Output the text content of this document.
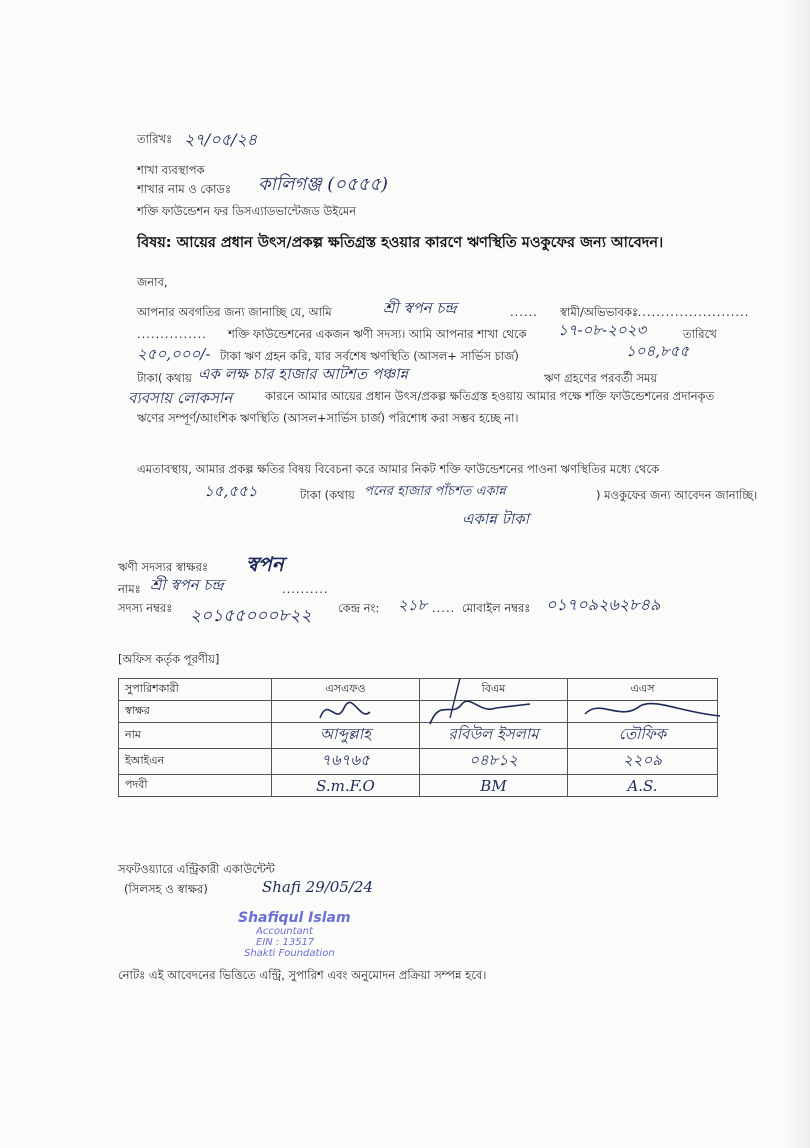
তারিখঃ ২৭/০৫/২৪
শাখা ব্যবস্থাপক
শাখার নাম ও কোডঃ কালিগঞ্জ (০৫৫৫)
শক্তি ফাউন্ডেশন ফর ডিসএ্যাডভান্টেজড উইমেন
বিষয়: আয়ের প্রধান উৎস/প্রকল্প ক্ষতিগ্রস্ত হওয়ার কারণে ঋণস্থিতি মওকুফের জন্য আবেদন।
জনাব,
আপনার অবগতির জন্য জানাচ্ছি যে, আমি	শ্রী স্বপন চন্দ্র	...... স্বামী/অভিভাবকঃ
.........................
............... শক্তি ফাউন্ডেশনের একজন ঋণী সদস্য। আমি আপনার শাখা থেকে ১৭-০৮-২০২৩	তারিখে
২৫০,০০০/- টাকা ঋণ গ্রহন করি, যার সর্বশেষ ঋণস্থিতি (আসল+ সার্ভিস চার্জ)	১০৪,৮৫৫
টাকা( কথায় এক লক্ষ চার হাজার আটশত পঞ্চান্ন	ঋণ গ্রহণের পরবর্তী সময়
ব্যবসায় লোকসান	কারনে আমার আয়ের প্রধান উৎস/প্রকল্প ক্ষতিগ্রস্ত হওয়ায় আমার পক্ষে শক্তি ফাউন্ডেশনের প্রদানকৃত ঋণের সম্পূর্ণ/আংশিক ঋণস্থিতি (আসল+সার্ভিস চার্জ) পরিশোধ করা সম্ভব হচ্ছে না।
এমতাবস্থায়, আমার প্রকল্প ক্ষতির বিষয় বিবেচনা করে আমার নিকট শক্তি ফাউন্ডেশনের পাওনা ঋণস্থিতির মধ্যে থেকে
১৫,৫৫১	টাকা (কথায় পনের হাজার পাঁচশত একান্ন	) মওকুফের জন্য আবেদন জানাচ্ছি।
একান্ন টাকা
ঋণী সদস্যর স্বাক্ষরঃ স্বপন
নামঃ শ্রী স্বপন চন্দ্র	..........
সদস্য নম্বরঃ ২০১৫৫০০০৮২২ কেন্দ্র নং: ২১৮ ..... মোবাইল নম্বরঃ ০১৭০৯২৬২৮৪৯
[অফিস কর্তৃক পূরণীয়]
সুপারিশকারী	এসএফও	বিএম	এএস
স্বাক্ষর			
নাম	আব্দুল্লাহ	রবিউল ইসলাম	তৌফিক
ইআইএন	৭৬৭৬৫	০৪৮১২	২২০৯
পদবী	S.m.F.O	BM	A.S.
সফটওয়্যারে এন্ট্রিকারী একাউন্টেন্ট
(সিলসহ ও স্বাক্ষর)	Shafi 29/05/24
Shafiqul Islam
Accountant
EIN : 13517
Shakti Foundation
নোটঃ এই আবেদনের ভিত্তিতে এন্ট্রি, সুপারিশ এবং অনুমোদন প্রক্রিয়া সম্পন্ন হবে।
